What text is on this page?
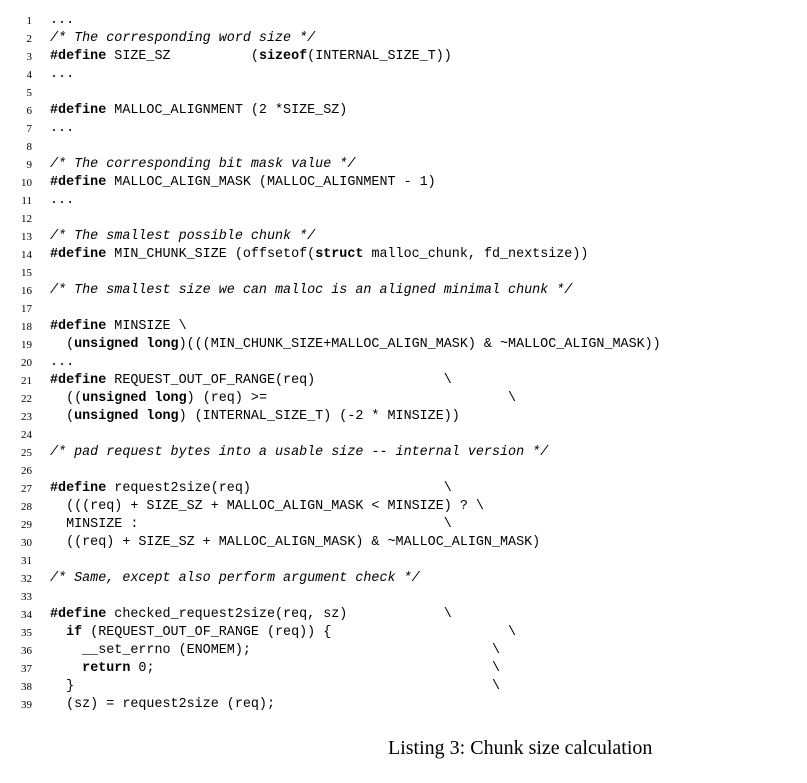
1 ...
2 /* The corresponding word size */
3 #define SIZE_SZ          (sizeof(INTERNAL_SIZE_T))
4 ...
5
6 #define MALLOC_ALIGNMENT (2 *SIZE_SZ)
7 ...
8
9 /* The corresponding bit mask value */
10 #define MALLOC_ALIGN_MASK (MALLOC_ALIGNMENT - 1)
11 ...
12
13 /* The smallest possible chunk */
14 #define MIN_CHUNK_SIZE (offsetof(struct malloc_chunk, fd_nextsize))
15
16 /* The smallest size we can malloc is an aligned minimal chunk */
17
18 #define MINSIZE \
19 (unsigned long)(((MIN_CHUNK_SIZE+MALLOC_ALIGN_MASK) & ~MALLOC_ALIGN_MASK))
20 ...
21 #define REQUEST_OUT_OF_RANGE(req)                \
22 ((unsigned long) (req) >=                              \
23 (unsigned long) (INTERNAL_SIZE_T) (-2 * MINSIZE))
24
25 /* pad request bytes into a usable size -- internal version */
26
27 #define request2size(req)                        \
28 (((req) + SIZE_SZ + MALLOC_ALIGN_MASK < MINSIZE) ? \
29 MINSIZE :                                      \
30 ((req) + SIZE_SZ + MALLOC_ALIGN_MASK) & ~MALLOC_ALIGN_MASK)
31
32 /* Same, except also perform argument check */
33
34 #define checked_request2size(req, sz)            \
35	if (REQUEST_OUT_OF_RANGE (req)) {                      \
36 __set_errno (ENOMEM);                              \
37	return 0;                                          \
38 }                                                    \
39 (sz) = request2size (req);
Listing 3: Chunk size calculation
